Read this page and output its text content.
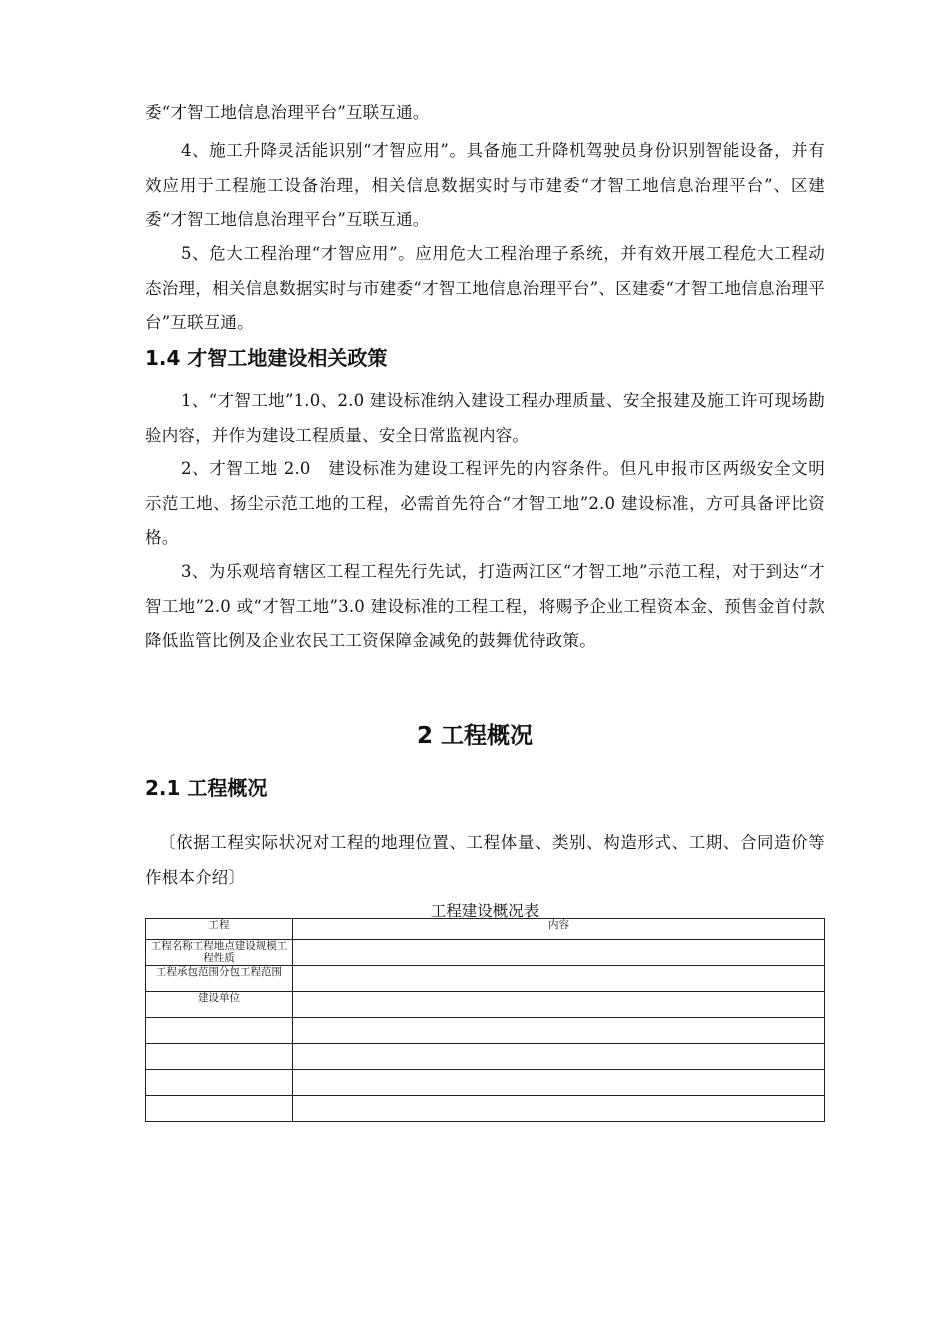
委“才智工地信息治理平台”互联互通。

4、施工升降灵活能识别“才智应用”。具备施工升降机驾驶员身份识别智能设备，并有效应用于工程施工设备治理，相关信息数据实时与市建委“才智工地信息治理平台”、区建委“才智工地信息治理平台”互联互通。

5、危大工程治理“才智应用”。应用危大工程治理子系统，并有效开展工程危大工程动态治理，相关信息数据实时与市建委“才智工地信息治理平台”、区建委“才智工地信息治理平台”互联互通。

1.4 才智工地建设相关政策

1、“才智工地”1.0、2.0 建设标准纳入建设工程办理质量、安全报建及施工许可现场勘验内容，并作为建设工程质量、安全日常监视内容。

2、才智工地 2.0　建设标准为建设工程评先的内容条件。但凡申报市区两级安全文明示范工地、扬尘示范工地的工程，必需首先符合“才智工地”2.0 建设标准，方可具备评比资格。

3、为乐观培育辖区工程工程先行先试，打造两江区“才智工地”示范工程，对于到达“才智工地”2.0 或“才智工地”3.0 建设标准的工程工程，将赐予企业工程资本金、预售金首付款降低监管比例及企业农民工工资保障金减免的鼓舞优待政策。

2 工程概况
2.1 工程概况

〔依据工程实际状况对工程的地理位置、工程体量、类别、构造形式、工期、合同造价等作根本介绍〕

工程建设概况表

工程	内容

工程名称工程地点建设规模工程性质	

工程承包范围分包工程范围	

建设单位	
